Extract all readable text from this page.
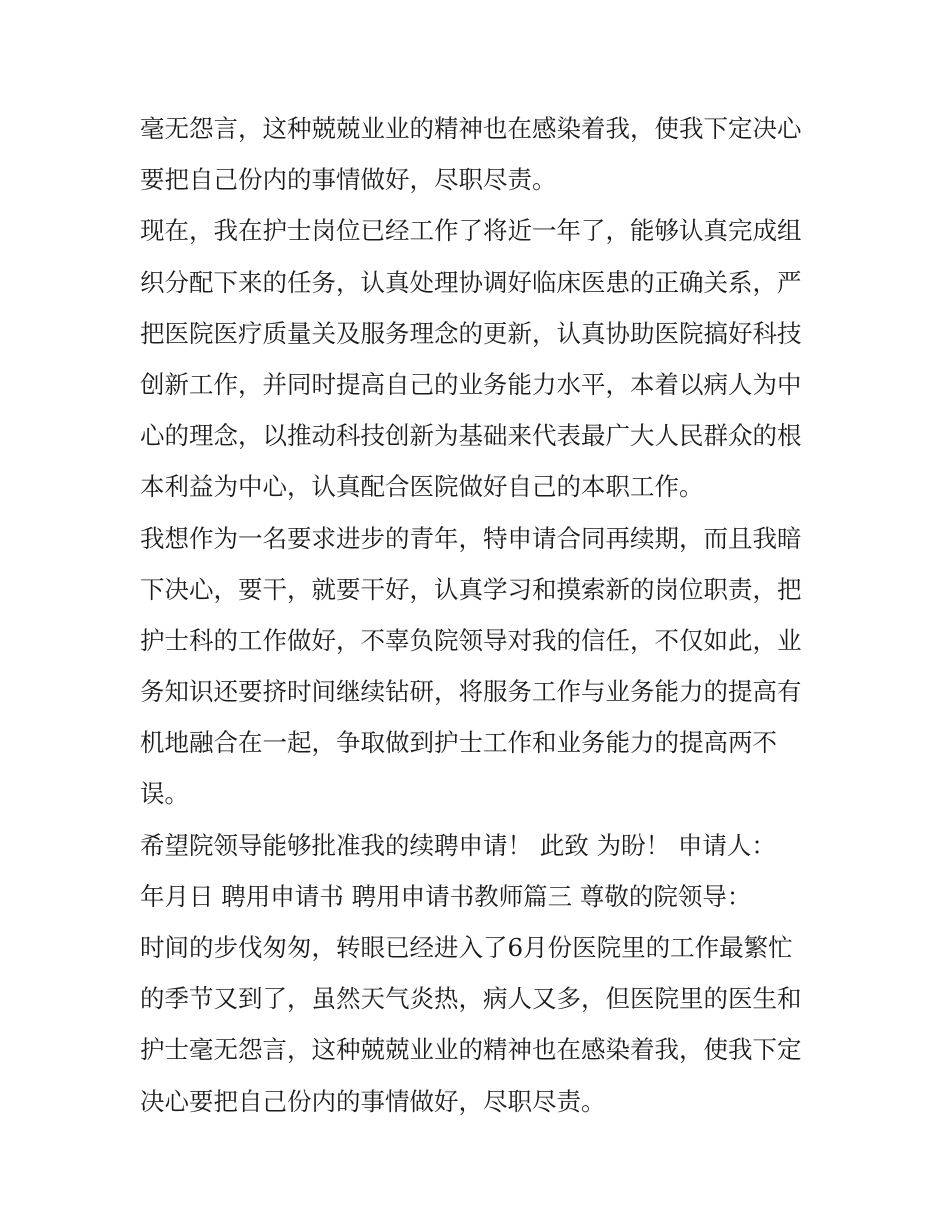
毫无怨言，这种兢兢业业的精神也在感染着我，使我下定决心
要把自己份内的事情做好，尽职尽责。
现在，我在护士岗位已经工作了将近一年了，能够认真完成组
织分配下来的任务，认真处理协调好临床医患的正确关系，严
把医院医疗质量关及服务理念的更新，认真协助医院搞好科技
创新工作，并同时提高自己的业务能力水平，本着以病人为中
心的理念，以推动科技创新为基础来代表最广大人民群众的根
本利益为中心，认真配合医院做好自己的本职工作。
我想作为一名要求进步的青年，特申请合同再续期，而且我暗
下决心，要干，就要干好，认真学习和摸索新的岗位职责，把
护士科的工作做好，不辜负院领导对我的信任，不仅如此，业
务知识还要挤时间继续钻研，将服务工作与业务能力的提高有
机地融合在一起，争取做到护士工作和业务能力的提高两不
误。
希望院领导能够批准我的续聘申请！ 此致 为盼！ 申请人：
年月日 聘用申请书 聘用申请书教师篇三 尊敬的院领导：
时间的步伐匆匆，转眼已经进入了6月份医院里的工作最繁忙
的季节又到了，虽然天气炎热，病人又多，但医院里的医生和
护士毫无怨言，这种兢兢业业的精神也在感染着我，使我下定
决心要把自己份内的事情做好，尽职尽责。
